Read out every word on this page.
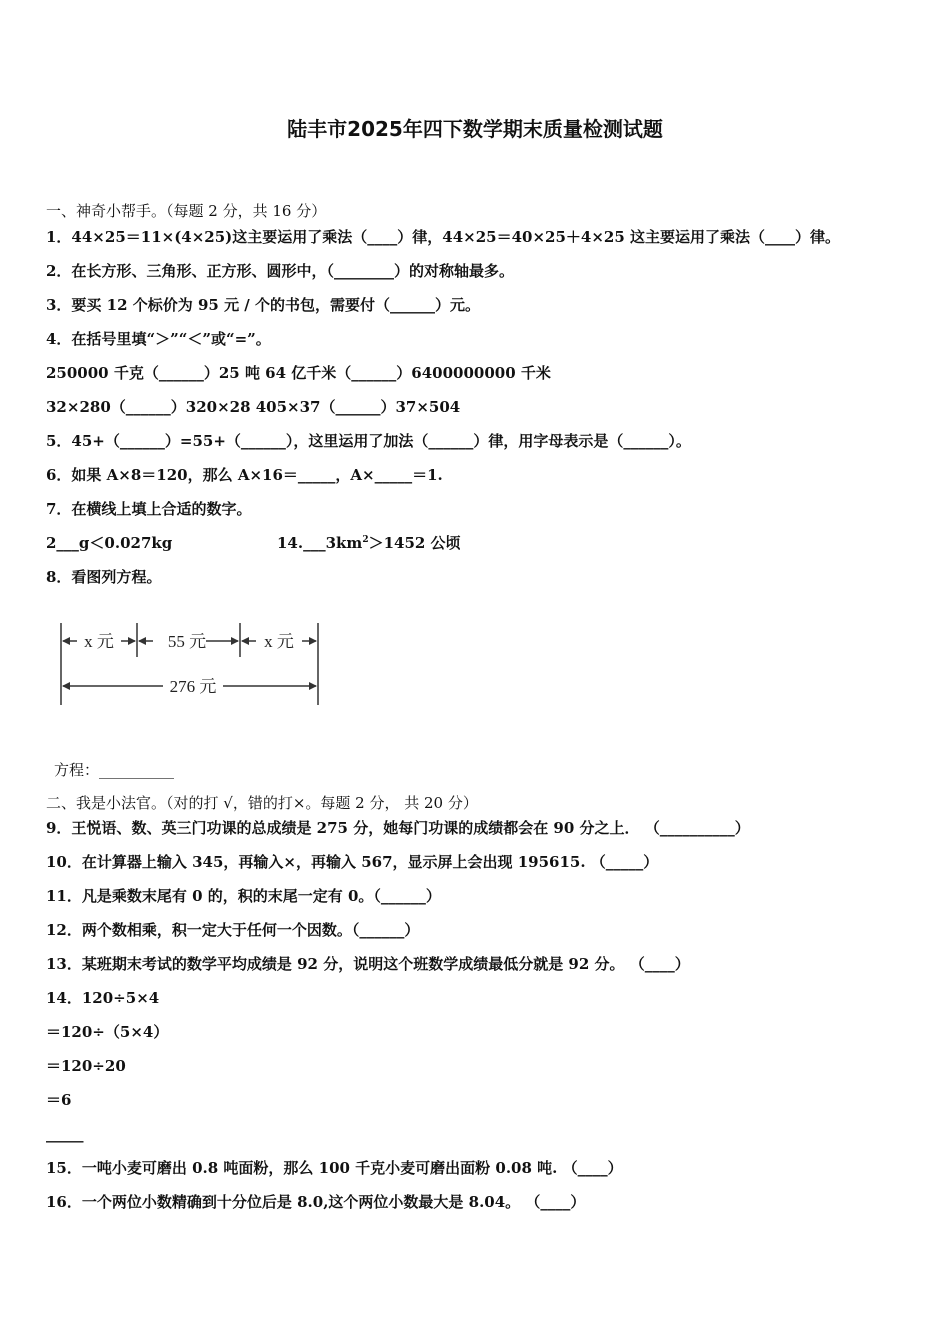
陆丰市2025年四下数学期末质量检测试题
一、神奇小帮手。（每题 2 分，共 16 分）
1．44×25＝11×(4×25)这主要运用了乘法（____）律，44×25＝40×25＋4×25 这主要运用了乘法（____）律。
2．在长方形、三角形、正方形、圆形中，（________）的对称轴最多。
3．要买 12 个标价为 95 元 / 个的书包，需要付（______）元。
4．在括号里填“＞”“＜”或“=”。
250000 千克（______）25 吨 64 亿千米（______）6400000000 千米
32×280（______）320×28 405×37（______）37×504
5．45+（______）=55+（______），这里运用了加法（______）律，用字母表示是（______）。
6．如果 A×8＝120，那么 A×16＝_____，A×_____＝1.
7．在横线上填上合适的数字。
2___g＜0.027kg	$14.\_\_\_3km^2>1452$ 公顷
8．看图列方程。
x 元	55 元	x 元
276 元
方程：__________
二、我是小法官。（对的打 √，错的打×。每题 2 分， 共 20 分）
9．王悦语、数、英三门功课的总成绩是 275 分，她每门功课的成绩都会在 90 分之上． （__________）
10．在计算器上输入 345，再输入×，再输入 567，显示屏上会出现 195615. （_____）
11．凡是乘数末尾有 0 的，积的末尾一定有 0。（______）
12．两个数相乘，积一定大于任何一个因数。（______）
13．某班期末考试的数学平均成绩是 92 分，说明这个班数学成绩最低分就是 92 分。 （____）
14．120÷5×4
＝120÷（5×4）
＝120÷20
＝6
_____
15．一吨小麦可磨出 0.8 吨面粉，那么 100 千克小麦可磨出面粉 0.08 吨. （____）
16．一个两位小数精确到十分位后是 8.0,这个两位小数最大是 8.04。 （____）
